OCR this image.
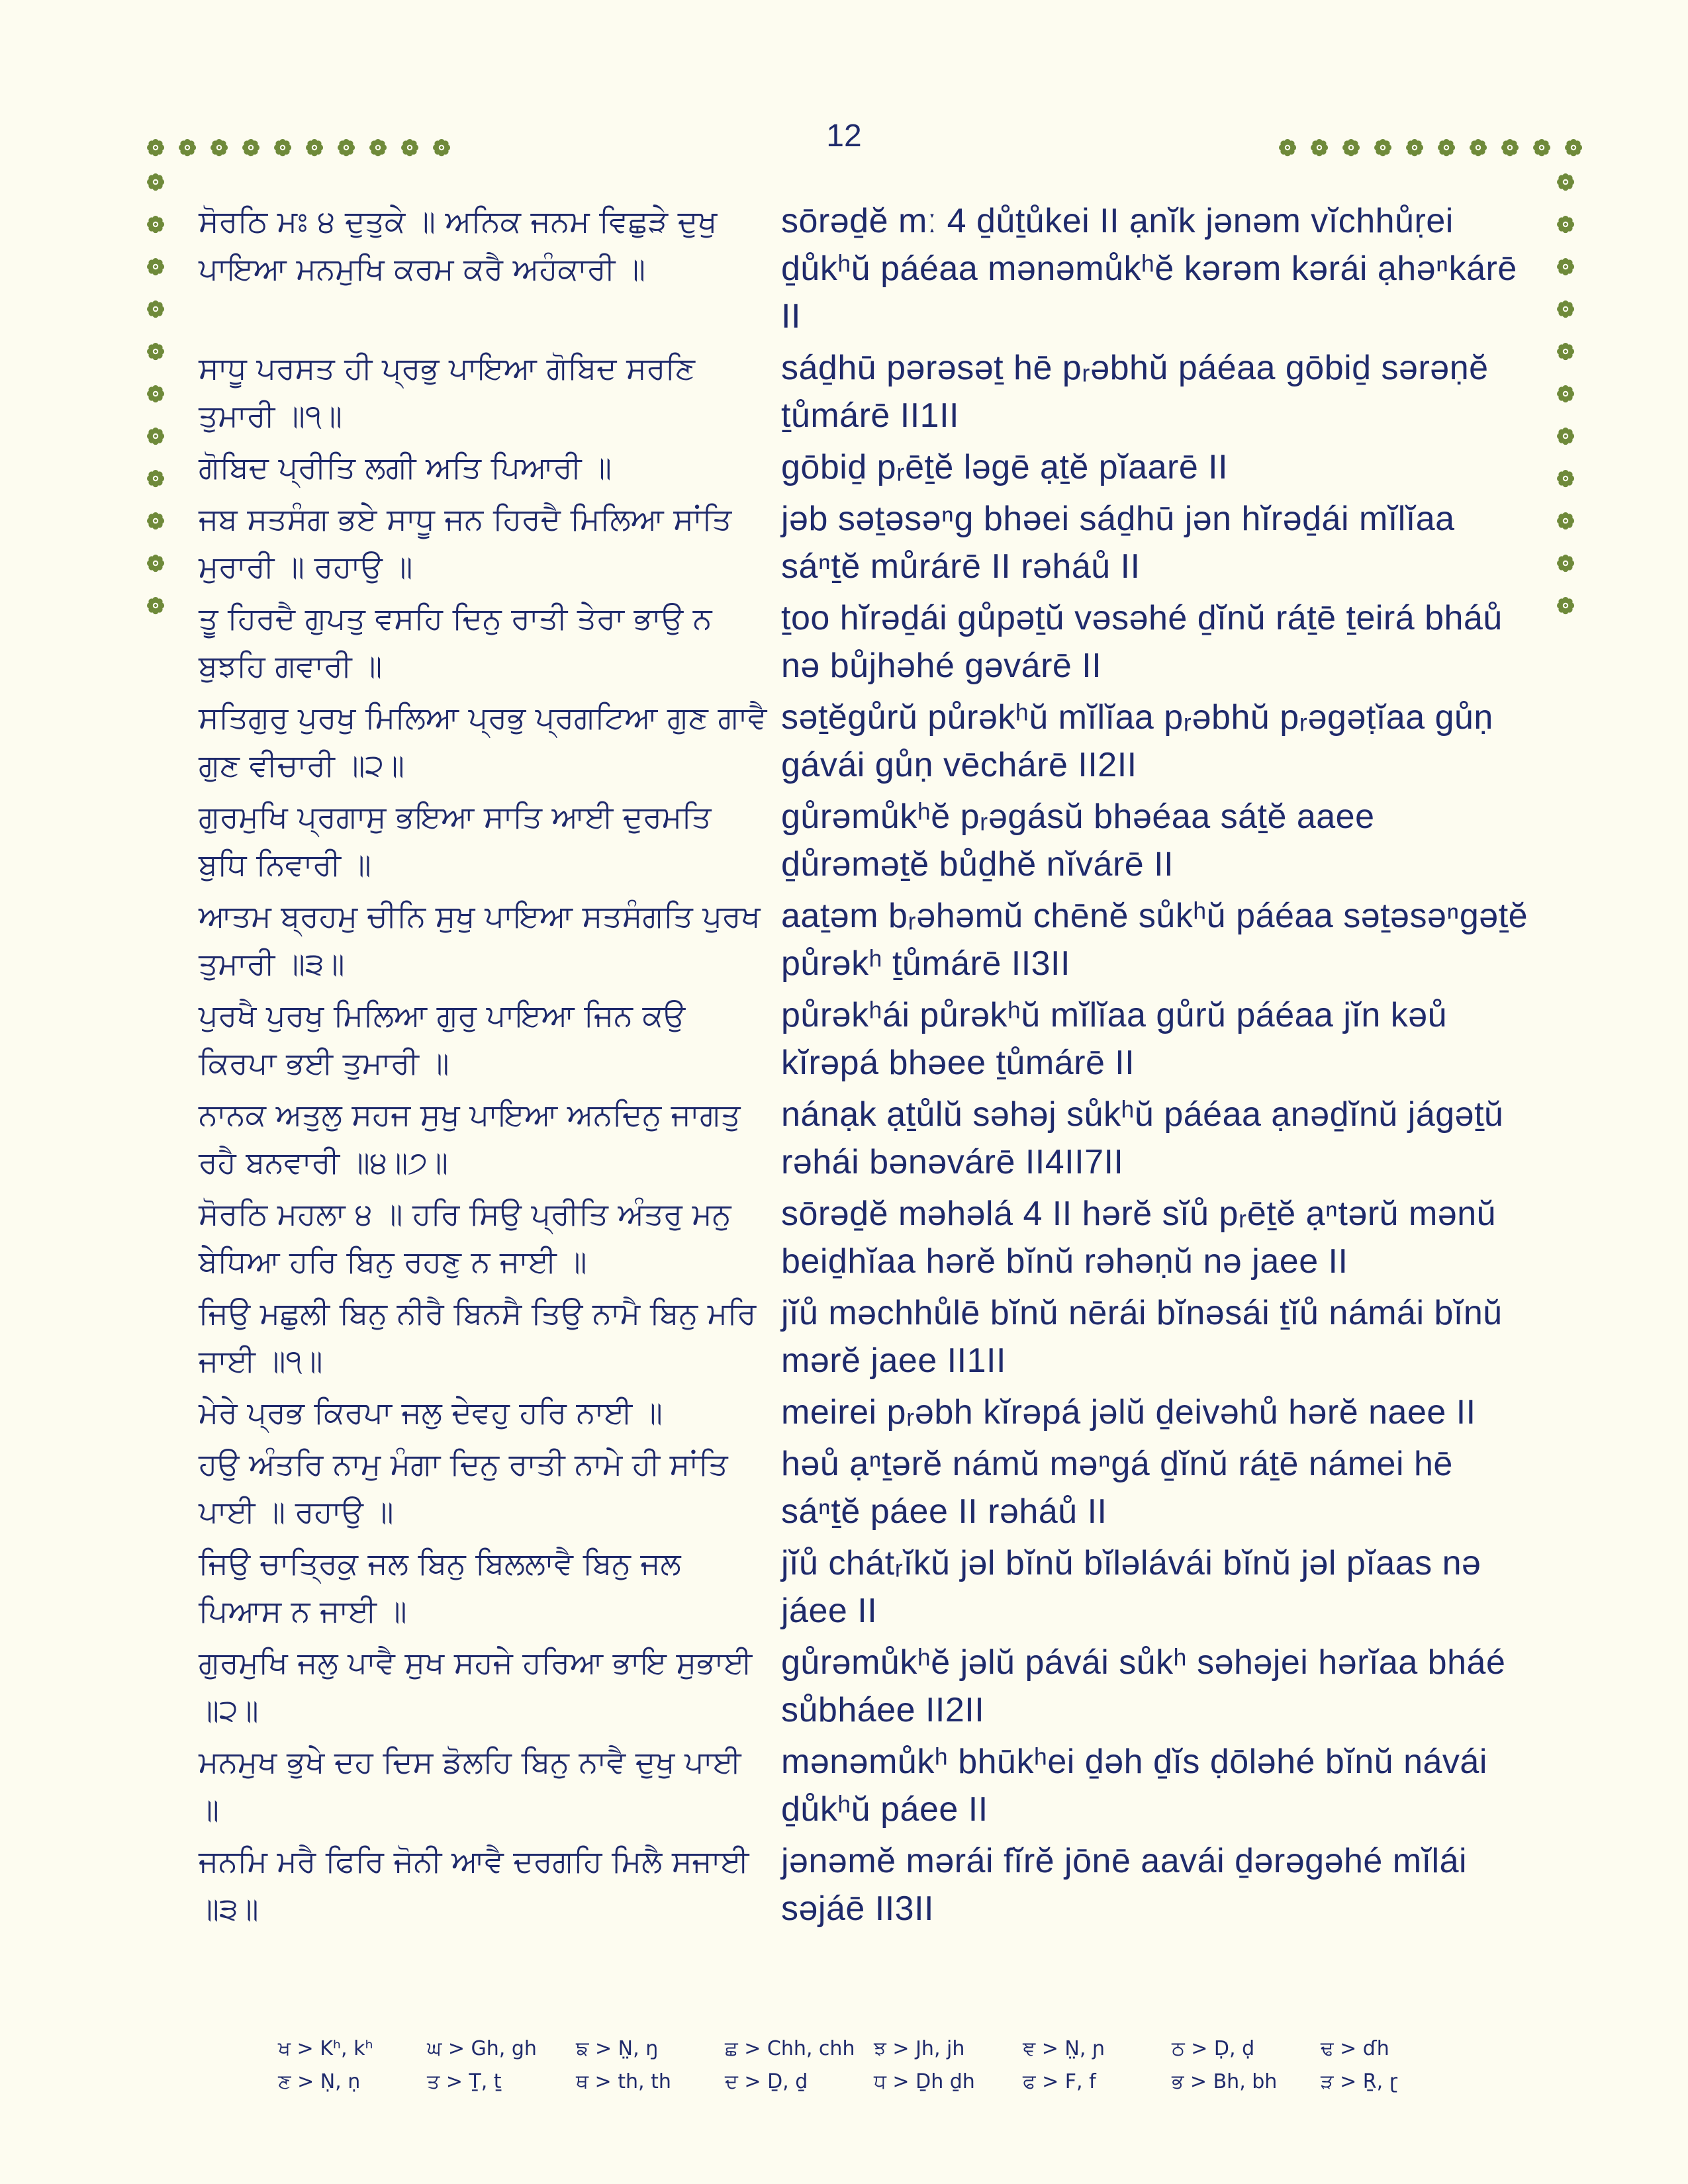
12
ਸੋਰਠਿ ਮਃ ੪ ਦੁਤੁਕੇ ॥ ਅਨਿਕ ਜਨਮ ਵਿਛੁੜੇ ਦੁਖੁ ਪਾਇਆ ਮਨਮੁਖਿ ਕਰਮ ਕਰੈ ਅਹੰਕਾਰੀ ॥
sōrəḏĕ mː 4 ḏůṯůkei II ạnĭk jənəm vĭchhůṛei ḏůkʰŭ páéaa mənəmůkʰĕ kərəm kərái ạhəⁿkárē II
ਸਾਧੂ ਪਰਸਤ ਹੀ ਪ੍ਰਭੁ ਪਾਇਆ ਗੋਬਿਦ ਸਰਣਿ ਤੁਮਾਰੀ ॥੧॥
sáḏhū pərəsəṯ hē pᵣəbhŭ páéaa gōbiḏ sərəṇĕ ṯůmárē II1II
ਗੋਬਿਦ ਪ੍ਰੀਤਿ ਲਗੀ ਅਤਿ ਪਿਆਰੀ ॥	gōbiḏ pᵣēṯĕ ləgē ạṯĕ pĭaarē II
ਜਬ ਸਤਸੰਗ ਭਏ ਸਾਧੂ ਜਨ ਹਿਰਦੈ ਮਿਲਿਆ ਸਾਂਤਿ ਮੁਰਾਰੀ ॥ ਰਹਾਉ ॥
jəb səṯəsəⁿg bhəei sáḏhū jən hĭrəḏái mĭlĭaa sáⁿṯĕ můrárē II rəháů II
ਤੂ ਹਿਰਦੈ ਗੁਪਤੁ ਵਸਹਿ ਦਿਨੁ ਰਾਤੀ ਤੇਰਾ ਭਾਉ ਨ ਬੁਝਹਿ ਗਵਾਰੀ ॥
ṯoo hĭrəḏái gůpəṯŭ vəsəhé ḏĭnŭ ráṯē ṯeirá bháů nə bůjhəhé gəvárē II
ਸਤਿਗੁਰੁ ਪੁਰਖੁ ਮਿਲਿਆ ਪ੍ਰਭੁ ਪ੍ਰਗਟਿਆ ਗੁਣ ਗਾਵੈ ਗੁਣ ਵੀਚਾਰੀ ॥੨॥
səṯĕgůrŭ půrəkʰŭ mĭlĭaa pᵣəbhŭ pᵣəgəṭĭaa gůṇ gávái gůṇ vēchárē II2II
ਗੁਰਮੁਖਿ ਪ੍ਰਗਾਸੁ ਭਇਆ ਸਾਤਿ ਆਈ ਦੁਰਮਤਿ ਬੁਧਿ ਨਿਵਾਰੀ ॥
gůrəmůkʰĕ pᵣəgásŭ bhəéaa sáṯĕ aaee ḏůrəməṯĕ bůḏhĕ nĭvárē II
ਆਤਮ ਬ੍ਰਹਮੁ ਚੀਨਿ ਸੁਖੁ ਪਾਇਆ ਸਤਸੰਗਤਿ ਪੁਰਖ ਤੁਮਾਰੀ ॥੩॥
aaṯəm bᵣəhəmŭ chēnĕ sůkʰŭ páéaa səṯəsəⁿgəṯĕ půrəkʰ ṯůmárē II3II
ਪੁਰਖੈ ਪੁਰਖੁ ਮਿਲਿਆ ਗੁਰੁ ਪਾਇਆ ਜਿਨ ਕਉ ਕਿਰਪਾ ਭਈ ਤੁਮਾਰੀ ॥
půrəkʰái půrəkʰŭ mĭlĭaa gůrŭ páéaa jĭn kəů kĭrəpá bhəee ṯůmárē II
ਨਾਨਕ ਅਤੁਲੁ ਸਹਜ ਸੁਖੁ ਪਾਇਆ ਅਨਦਿਨੁ ਜਾਗਤੁ ਰਹੈ ਬਨਵਾਰੀ ॥੪॥੭॥
nánạk ạṯůlŭ səhəj sůkʰŭ páéaa ạnəḏĭnŭ jágəṯŭ rəhái bənəvárē II4II7II
ਸੋਰਠਿ ਮਹਲਾ ੪ ॥ ਹਰਿ ਸਿਉ ਪ੍ਰੀਤਿ ਅੰਤਰੁ ਮਨੁ ਬੇਧਿਆ ਹਰਿ ਬਿਨੁ ਰਹਣੁ ਨ ਜਾਈ ॥
sōrəḏĕ məhəlá 4 II hərĕ sĭů pᵣēṯĕ ạⁿtərŭ mənŭ beiḏhĭaa hərĕ bĭnŭ rəhəṇŭ nə jaee II
ਜਿਉ ਮਛੁਲੀ ਬਿਨੁ ਨੀਰੈ ਬਿਨਸੈ ਤਿਉ ਨਾਮੈ ਬਿਨੁ ਮਰਿ ਜਾਈ ॥੧॥
jĭů məchhůlē bĭnŭ nērái bĭnəsái ṯĭů námái bĭnŭ mərĕ jaee II1II
ਮੇਰੇ ਪ੍ਰਭ ਕਿਰਪਾ ਜਲੁ ਦੇਵਹੁ ਹਰਿ ਨਾਈ ॥	meirei pᵣəbh kĭrəpá jəlŭ ḏeivəhů hərĕ naee II
ਹਉ ਅੰਤਰਿ ਨਾਮੁ ਮੰਗਾ ਦਿਨੁ ਰਾਤੀ ਨਾਮੇ ਹੀ ਸਾਂਤਿ ਪਾਈ ॥ ਰਹਾਉ ॥
həů ạⁿṯərĕ námŭ məⁿgá ḏĭnŭ ráṯē námei hē sáⁿṯĕ páee II rəháů II
ਜਿਉ ਚਾਤ੍ਰਿਕੁ ਜਲ ਬਿਨੁ ਬਿਲਲਾਵੈ ਬਿਨੁ ਜਲ ਪਿਆਸ ਨ ਜਾਈ ॥
jĭů chátᵣĭkŭ jəl bĭnŭ bĭləlávái bĭnŭ jəl pĭaas nə jáee II
ਗੁਰਮੁਖਿ ਜਲੁ ਪਾਵੈ ਸੁਖ ਸਹਜੇ ਹਰਿਆ ਭਾਇ ਸੁਭਾਈ ॥੨॥
gůrəmůkʰĕ jəlŭ pávái sůkʰ səhəjei hərĭaa bháé sůbháee II2II
ਮਨਮੁਖ ਭੁਖੇ ਦਹ ਦਿਸ ਡੋਲਹਿ ਬਿਨੁ ਨਾਵੈ ਦੁਖੁ ਪਾਈ ॥
mənəmůkʰ bhūkʰei ḏəh ḏĭs ḍōləhé bĭnŭ návái ḏůkʰŭ páee II
ਜਨਮਿ ਮਰੈ ਫਿਰਿ ਜੋਨੀ ਆਵੈ ਦਰਗਹਿ ਮਿਲੈ ਸਜਾਈ ॥੩॥
jənəmĕ mərái fĭrĕ jōnē aavái ḏərəgəhé mĭlái səjáē II3II
ਖ > Kʰ, kʰ	ਘ > Gh, gh	ਙ > N̤, ŋ	ਛ > Chh, chh ਝ > Jh, jh	ਞ > N̤, ɲ	ਠ > Ḍ, ḍ	ਢ > ɗh
ਣ > Ṇ, ṇ	ਤ > Ṯ, ṯ	ਥ > th, th	ਦ > Ḏ, ḏ	ਧ > Ḏh ḏh	ਫ > F, f	ਭ > Bh, bh	ੜ > Ṟ, ɽ
